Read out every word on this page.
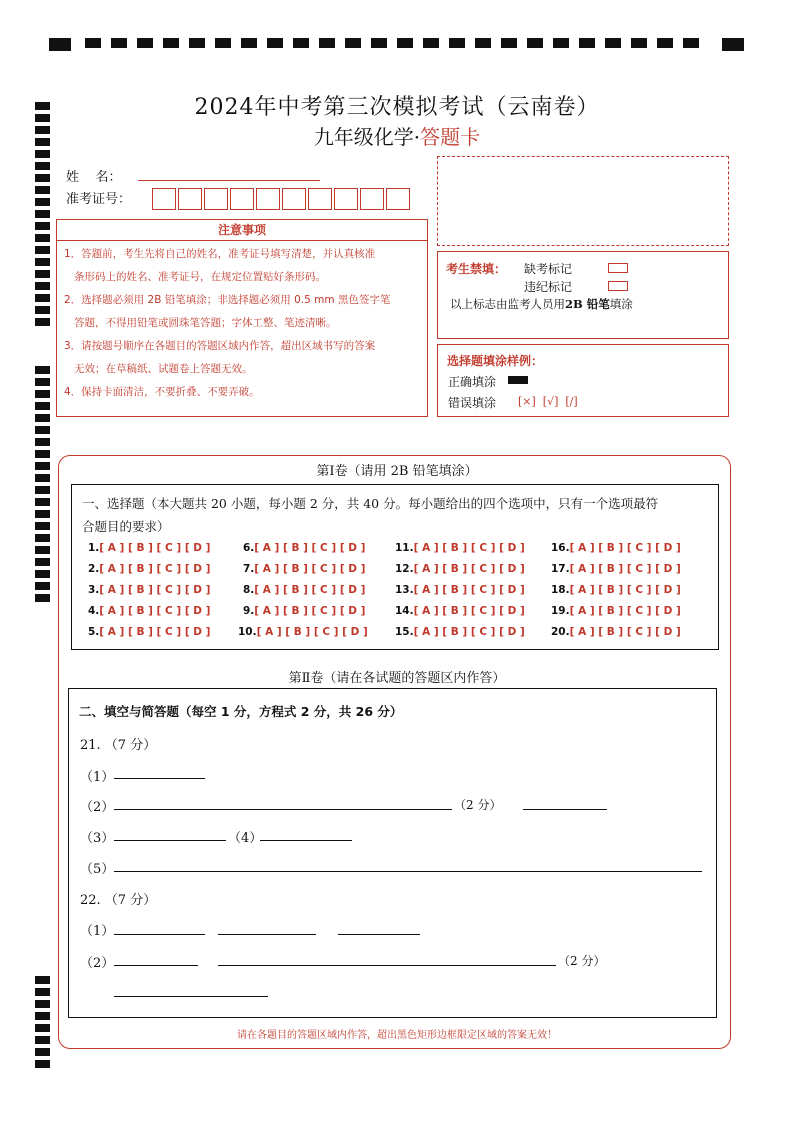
2024年中考第三次模拟考试（云南卷）
九年级化学·答题卡
姓    名：
准考证号：
注意事项
1．答题前，考生先将自己的姓名，准考证号填写清楚，并认真核准
条形码上的姓名、准考证号，在规定位置贴好条形码。
2．选择题必须用 2B 铅笔填涂；非选择题必须用 0.5 mm 黑色签字笔
答题，不得用铅笔或圆珠笔答题；字体工整、笔迹清晰。
3．请按题号顺序在各题目的答题区域内作答，超出区域书写的答案
无效；在草稿纸、试题卷上答题无效。
4．保持卡面清洁，不要折叠、不要弄破。
考生禁填： 缺考标记
违纪标记
以上标志由监考人员用2B 铅笔填涂
选择题填涂样例：
正确填涂
错误填涂 [×]  [√]  [/]
第Ⅰ卷（请用 2B 铅笔填涂）
一、选择题（本大题共 20 小题，每小题 2 分，共 40 分。每小题给出的四个选项中，只有一个选项最符
合题目的要求）
1.[ A ] [ B ] [ C ] [ D ]
2.[ A ] [ B ] [ C ] [ D ]
3.[ A ] [ B ] [ C ] [ D ]
4.[ A ] [ B ] [ C ] [ D ]
5.[ A ] [ B ] [ C ] [ D ]
6.[ A ] [ B ] [ C ] [ D ]
7.[ A ] [ B ] [ C ] [ D ]
8.[ A ] [ B ] [ C ] [ D ]
9.[ A ] [ B ] [ C ] [ D ]
10.[ A ] [ B ] [ C ] [ D ]
11.[ A ] [ B ] [ C ] [ D ]
12.[ A ] [ B ] [ C ] [ D ]
13.[ A ] [ B ] [ C ] [ D ]
14.[ A ] [ B ] [ C ] [ D ]
15.[ A ] [ B ] [ C ] [ D ]
16.[ A ] [ B ] [ C ] [ D ]
17.[ A ] [ B ] [ C ] [ D ]
18.[ A ] [ B ] [ C ] [ D ]
19.[ A ] [ B ] [ C ] [ D ]
20.[ A ] [ B ] [ C ] [ D ]
第Ⅱ卷（请在各试题的答题区内作答）
二、填空与简答题（每空 1 分，方程式 2 分，共 26 分）
21. （7 分）
（1）
（2）	（2 分）
（3）	（4）
（5）
22. （7 分）
（1）
（2）	（2 分）
请在各题目的答题区域内作答，超出黑色矩形边框限定区域的答案无效！
